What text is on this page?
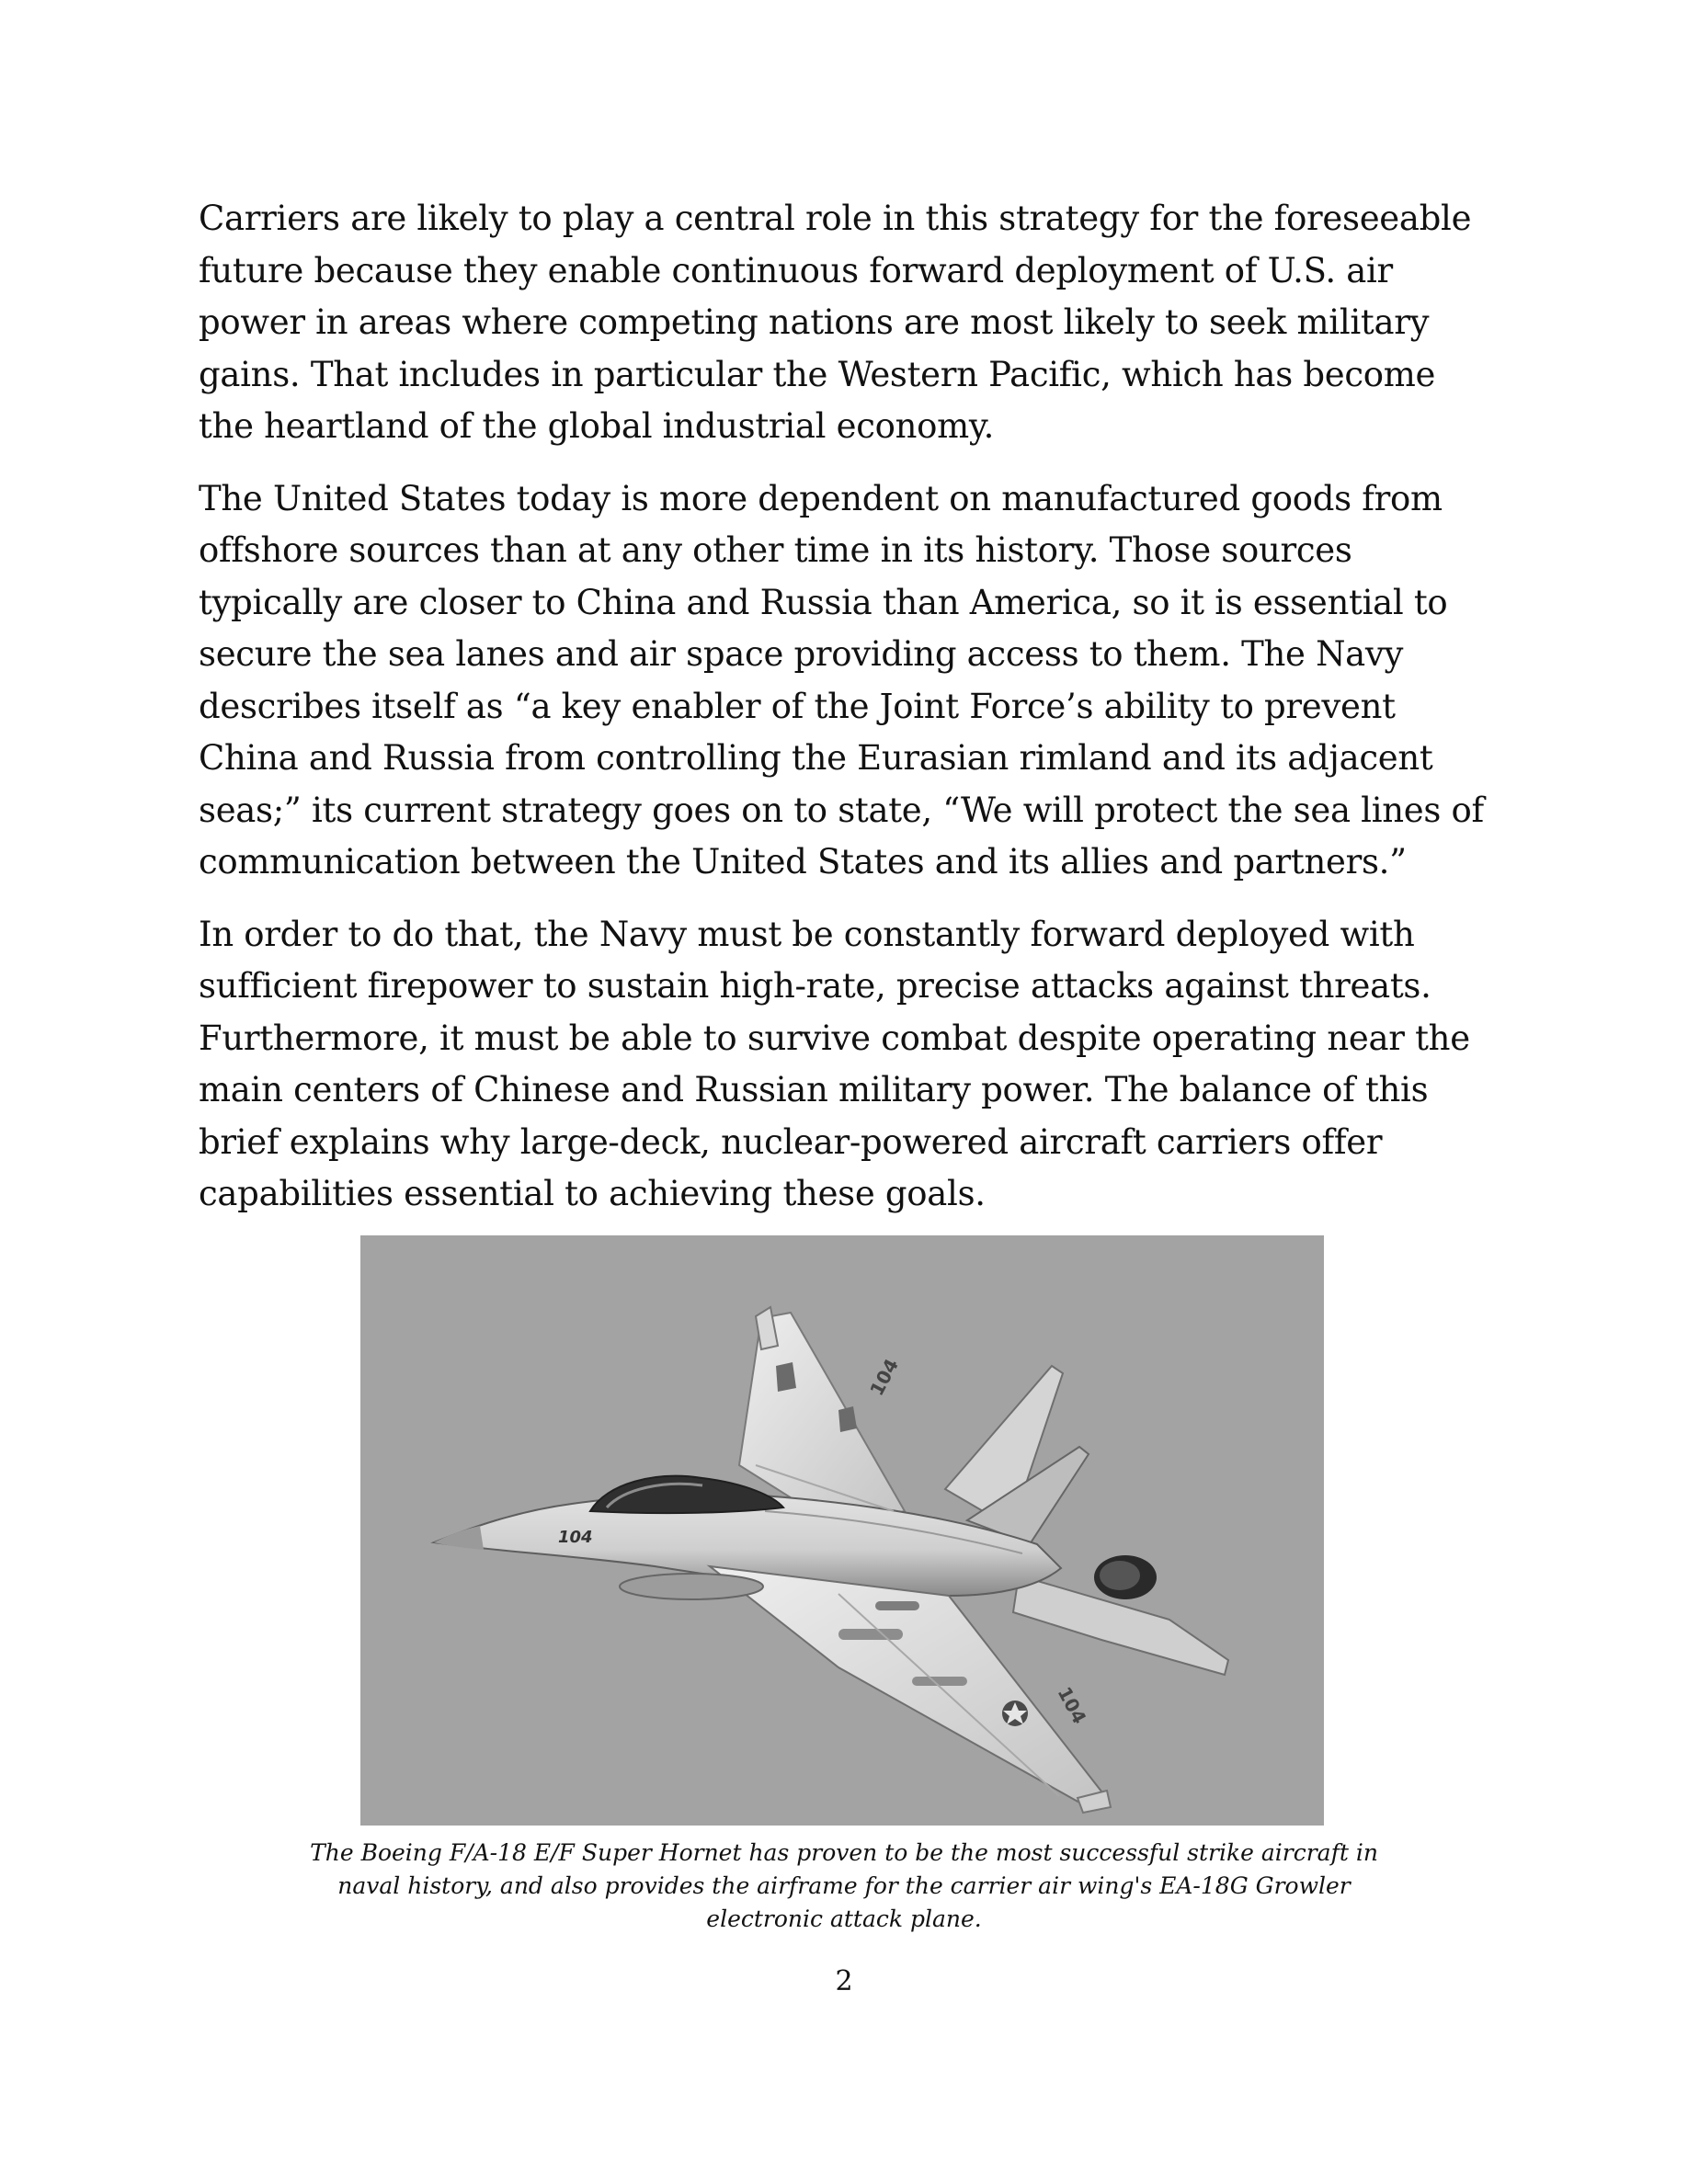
Carriers are likely to play a central role in this strategy for the foreseeable future because they enable continuous forward deployment of U.S. air power in areas where competing nations are most likely to seek military gains. That includes in particular the Western Pacific, which has become the heartland of the global industrial economy.

The United States today is more dependent on manufactured goods from offshore sources than at any other time in its history. Those sources typically are closer to China and Russia than America, so it is essential to secure the sea lanes and air space providing access to them. The Navy describes itself as “a key enabler of the Joint Force’s ability to prevent China and Russia from controlling the Eurasian rimland and its adjacent seas;” its current strategy goes on to state, “We will protect the sea lines of communication between the United States and its allies and partners.”

In order to do that, the Navy must be constantly forward deployed with sufficient firepower to sustain high-rate, precise attacks against threats. Furthermore, it must be able to survive combat despite operating near the main centers of Chinese and Russian military power. The balance of this brief explains why large-deck, nuclear-powered aircraft carriers offer capabilities essential to achieving these goals.

104
104
104
The Boeing F/A-18 E/F Super Hornet has proven to be the most successful strike aircraft in naval history, and also provides the airframe for the carrier air wing's EA-18G Growler electronic attack plane.
2
